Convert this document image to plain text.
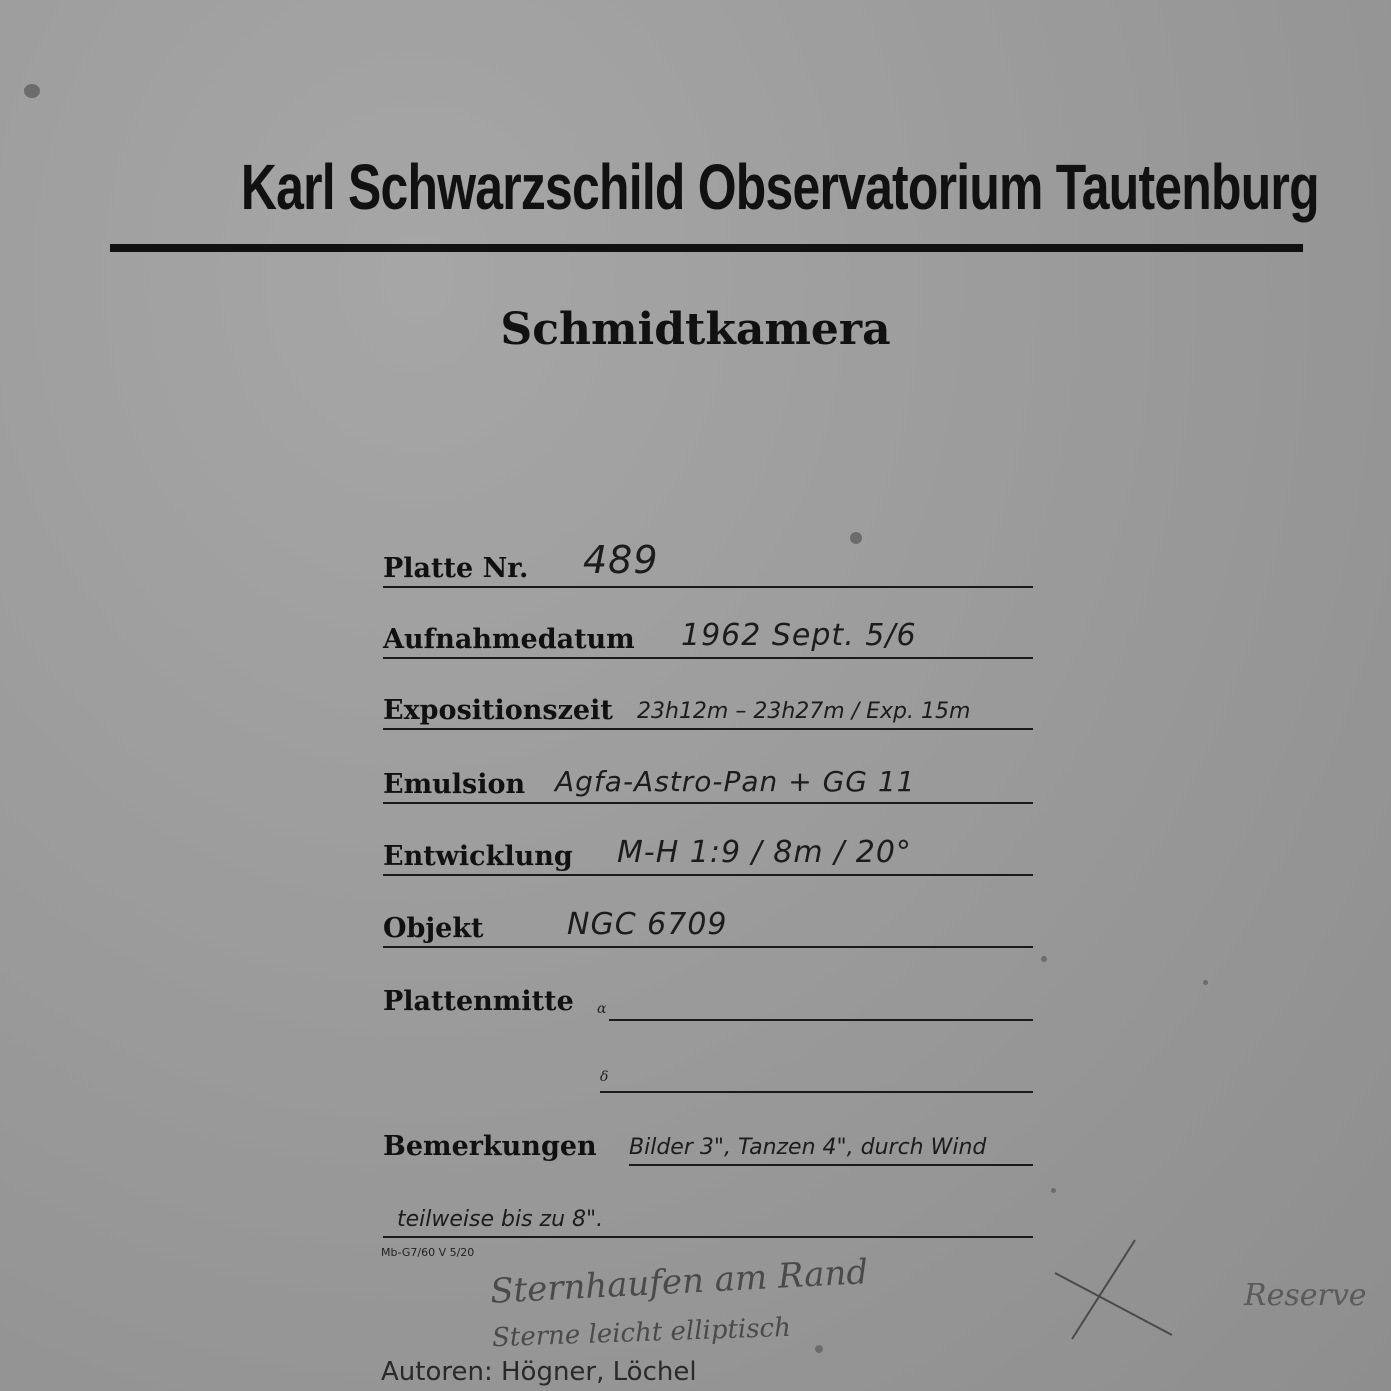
Karl Schwarzschild Observatorium Tautenburg
Schmidtkamera
Platte Nr. 489
Aufnahmedatum 1962 Sept. 5/6
Expositionszeit 23h12m – 23h27m / Exp. 15m
Emulsion Agfa-Astro-Pan + GG 11
Entwicklung M-H 1:9 / 8m / 20°
Objekt	NGC 6709
Plattenmitte α
δ
Bemerkungen Bilder 3", Tanzen 4", durch Wind
teilweise bis zu 8".
Mb-G7/60 V 5/20 Sternhaufen am Rand
Sterne leicht elliptisch
Autoren: Högner, Löchel
Reserve
